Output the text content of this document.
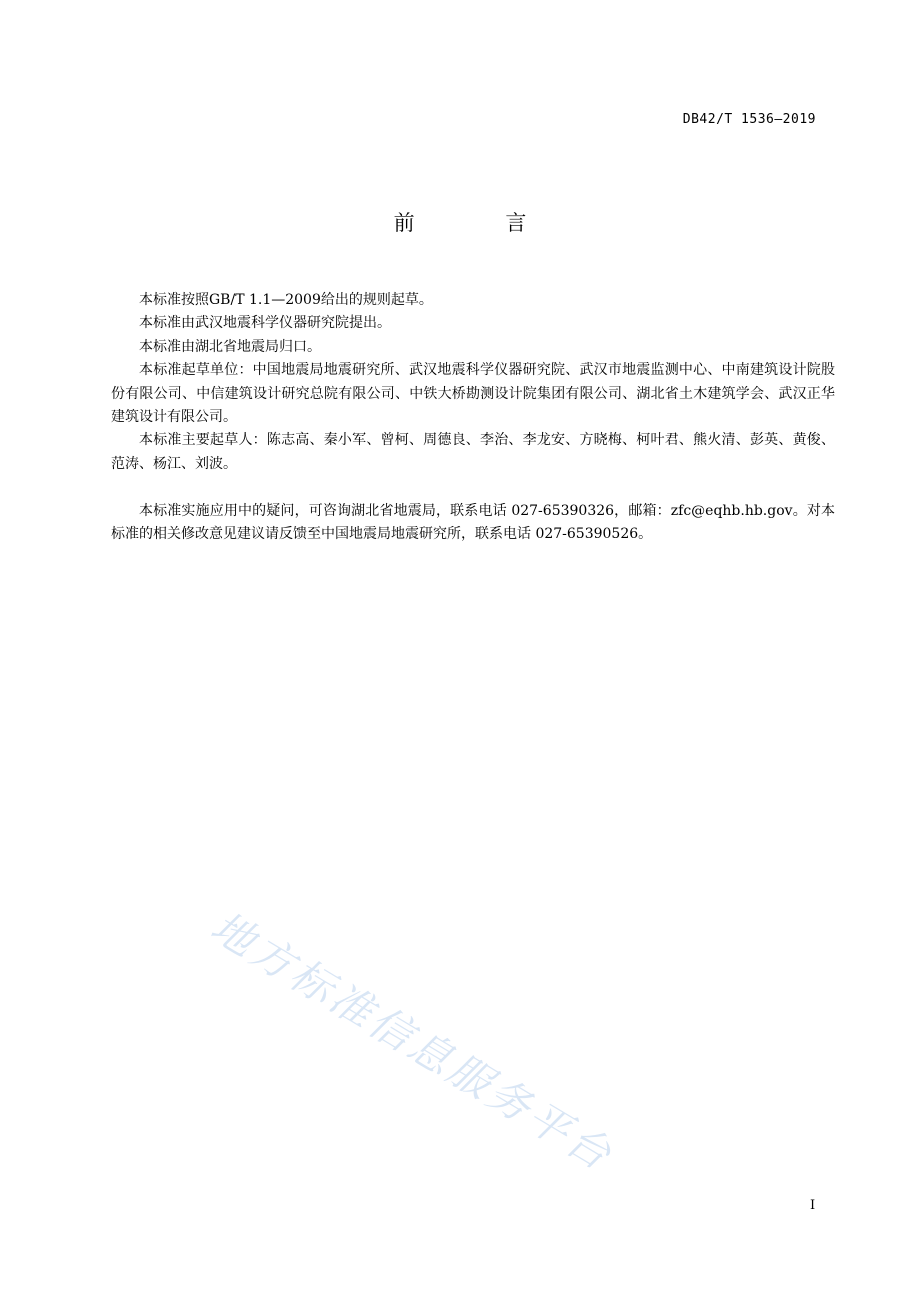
DB42/T 1536—2019
前 言

本标准按照GB/T 1.1—2009给出的规则起草。

本标准由武汉地震科学仪器研究院提出。

本标准由湖北省地震局归口。

本标准起草单位：中国地震局地震研究所、武汉地震科学仪器研究院、武汉市地震监测中心、中南建筑设计院股份有限公司、中信建筑设计研究总院有限公司、中铁大桥勘测设计院集团有限公司、湖北省土木建筑学会、武汉正华建筑设计有限公司。

本标准主要起草人：陈志高、秦小军、曾柯、周德良、李治、李龙安、方晓梅、柯叶君、熊火清、彭英、黄俊、范涛、杨江、刘波。

本标准实施应用中的疑问，可咨询湖北省地震局，联系电话 027-65390326，邮箱：zfc@eqhb.hb.gov。对本标准的相关修改意见建议请反馈至中国地震局地震研究所，联系电话 027-65390526。

地方标准信息服务平台
I
